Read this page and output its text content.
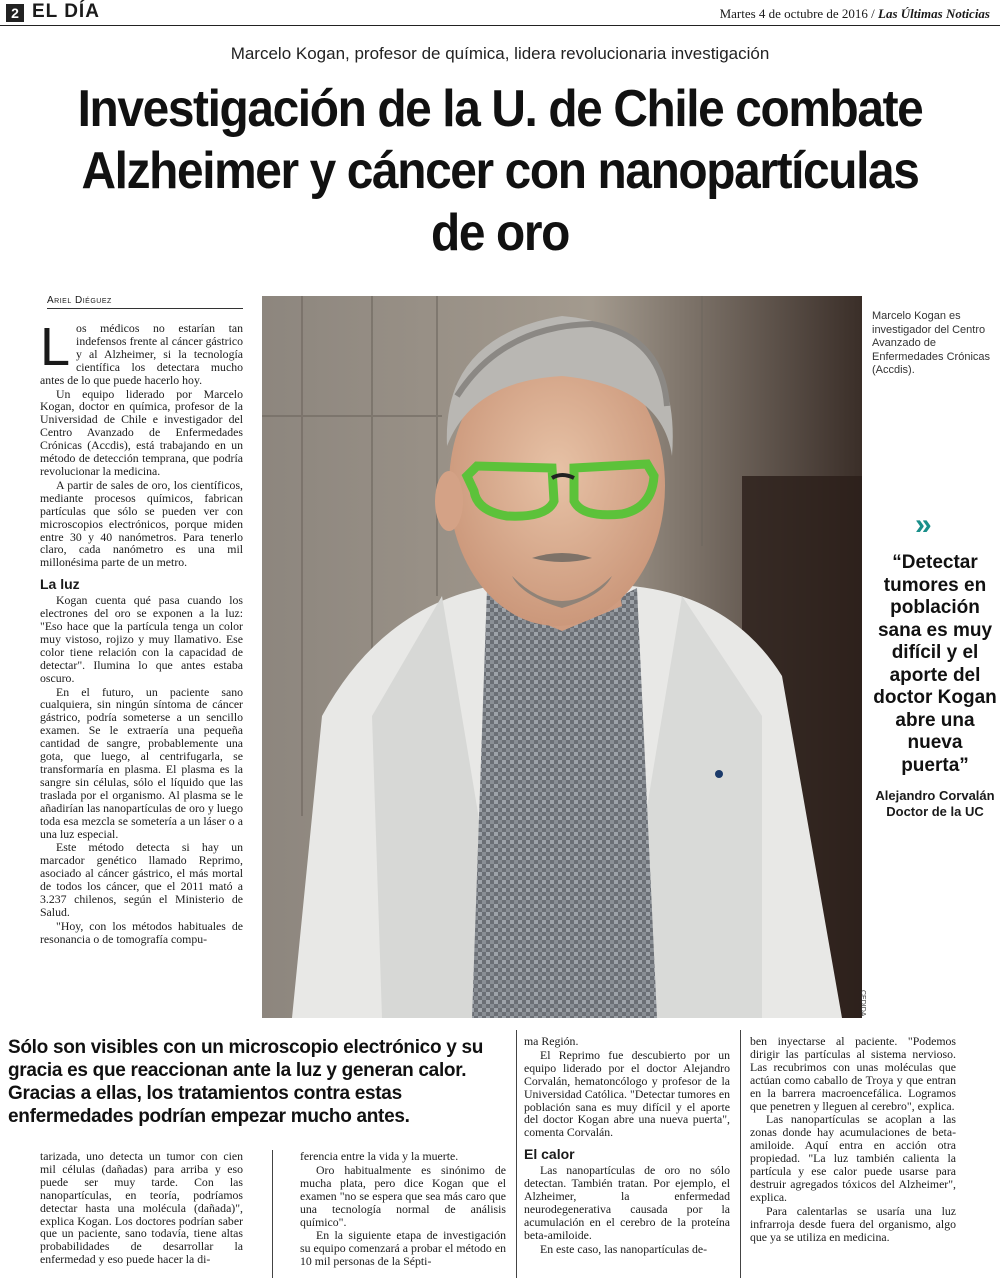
2 EL DÍA	Martes 4 de octubre de 2016 / Las Últimas Noticias
Marcelo Kogan, profesor de química, lidera revolucionaria investigación
Investigación de la U. de Chile combate Alzheimer y cáncer con nanopartículas de oro
Ariel Diéguez
L os médicos no estarían tan indefensos frente al cáncer gástrico y al Alzheimer, si la tecnología científica los detectara mucho antes de lo que puede hacerlo hoy.

Un equipo liderado por Marcelo Kogan, doctor en química, profesor de la Universidad de Chile e investigador del Centro Avanzado de Enfermedades Crónicas (Accdis), está trabajando en un método de detección temprana, que podría revolucionar la medicina.

A partir de sales de oro, los científicos, mediante procesos químicos, fabrican partículas que sólo se pueden ver con microscopios electrónicos, porque miden entre 30 y 40 nanómetros. Para tenerlo claro, cada nanómetro es una mil millonésima parte de un metro.

La luz

Kogan cuenta qué pasa cuando los electrones del oro se exponen a la luz: "Eso hace que la partícula tenga un color muy vistoso, rojizo y muy llamativo. Ese color tiene relación con la capacidad de detectar". Ilumina lo que antes estaba oscuro.

En el futuro, un paciente sano cualquiera, sin ningún síntoma de cáncer gástrico, podría someterse a un sencillo examen. Se le extraería una pequeña cantidad de sangre, probablemente una gota, que luego, al centrifugarla, se transformaría en plasma. El plasma es la sangre sin células, sólo el líquido que las traslada por el organismo. Al plasma se le añadirían las nanopartículas de oro y luego toda esa mezcla se sometería a un láser o a una luz especial.

Este método detecta si hay un marcador genético llamado Reprimo, asociado al cáncer gástrico, el más mortal de todos los cáncer, que el 2011 mató a 3.237 chilenos, según el Ministerio de Salud.

"Hoy, con los métodos habituales de resonancia o de tomografía compu-

CEDIDA
Marcelo Kogan es investigador del Centro Avanzado de Enfermedades Crónicas (Accdis).
»
“Detectar tumores en población sana es muy difícil y el aporte del doctor Kogan abre una nueva puerta”
Alejandro Corvalán
Doctor de la UC
Sólo son visibles con un microscopio electrónico y su gracia es que reaccionan ante la luz y generan calor. Gracias a ellas, los tratamientos contra estas enfermedades podrían empezar mucho antes.

tarizada, uno detecta un tumor con cien mil células (dañadas) para arriba y eso puede ser muy tarde. Con las nanopartículas, en teoría, podríamos detectar hasta una molécula (dañada)", explica Kogan. Los doctores podrían saber que un paciente, sano todavía, tiene altas probabilidades de desarrollar la enfermedad y eso puede hacer la di-

ferencia entre la vida y la muerte.

Oro habitualmente es sinónimo de mucha plata, pero dice Kogan que el examen "no se espera que sea más caro que una tecnología normal de análisis químico".

En la siguiente etapa de investigación su equipo comenzará a probar el método en 10 mil personas de la Sépti-

ma Región.

El Reprimo fue descubierto por un equipo liderado por el doctor Alejandro Corvalán, hematoncólogo y profesor de la Universidad Católica. "Detectar tumores en población sana es muy difícil y el aporte del doctor Kogan abre una nueva puerta", comenta Corvalán.

El calor

Las nanopartículas de oro no sólo detectan. También tratan. Por ejemplo, el Alzheimer, la enfermedad neurodegenerativa causada por la acumulación en el cerebro de la proteína beta-amiloide.

En este caso, las nanopartículas de-

ben inyectarse al paciente. "Podemos dirigir las partículas al sistema nervioso. Las recubrimos con unas moléculas que actúan como caballo de Troya y que entran en la barrera macroencefálica. Logramos que penetren y lleguen al cerebro", explica.

Las nanopartículas se acoplan a las zonas donde hay acumulaciones de beta-amiloide. Aquí entra en acción otra propiedad. "La luz también calienta la partícula y ese calor puede usarse para destruir agregados tóxicos del Alzheimer", explica.

Para calentarlas se usaría una luz infrarroja desde fuera del organismo, algo que ya se utiliza en medicina.
